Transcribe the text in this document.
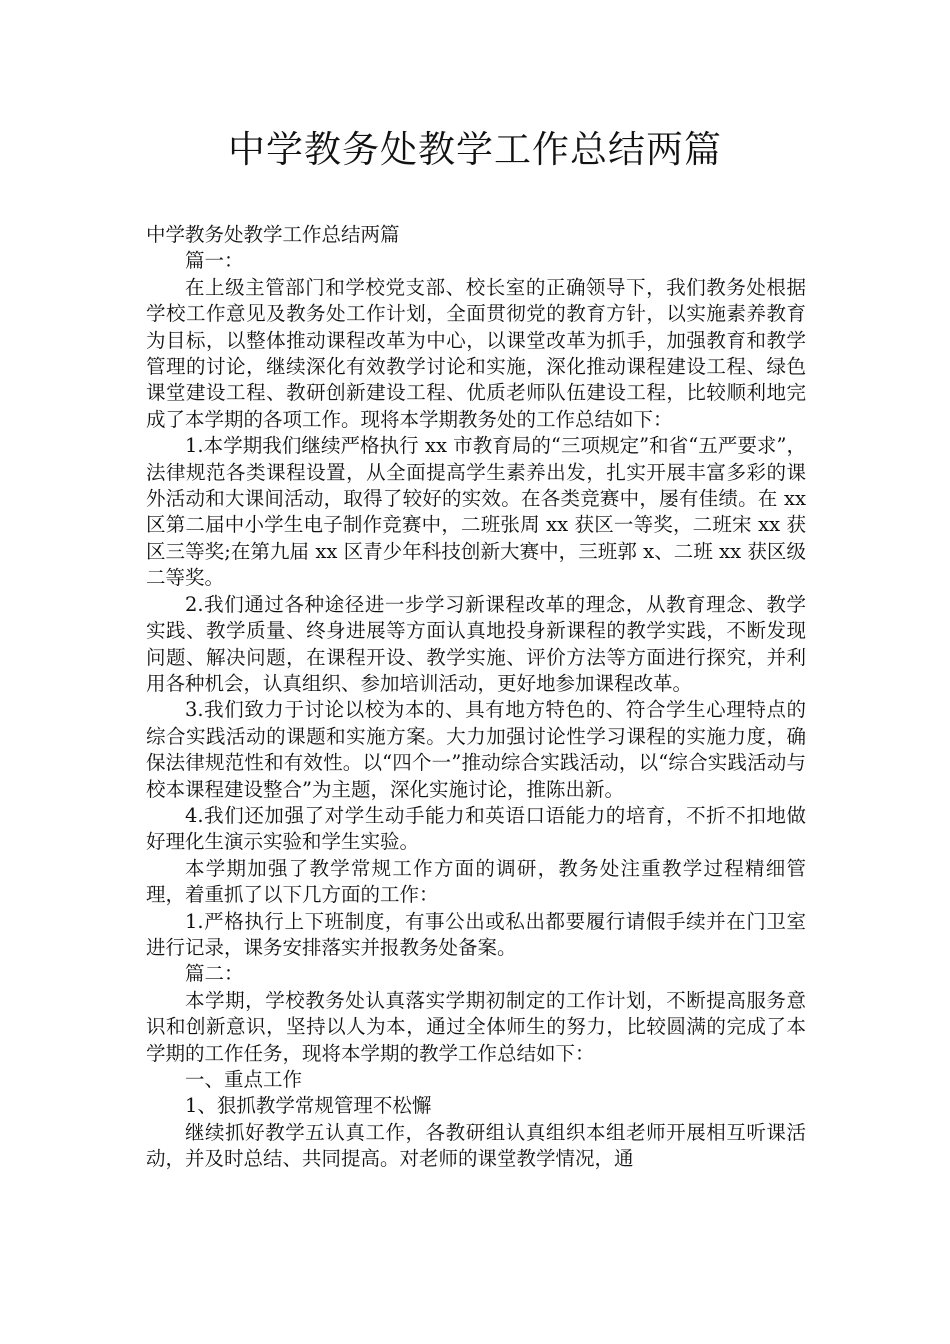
中学教务处教学工作总结两篇

中学教务处教学工作总结两篇

篇一：

在上级主管部门和学校党支部、校长室的正确领导下，我们教务处根据学校工作意见及教务处工作计划，全面贯彻党的教育方针，以实施素养教育为目标，以整体推动课程改革为中心，以课堂改革为抓手，加强教育和教学管理的讨论，继续深化有效教学讨论和实施，深化推动课程建设工程、绿色课堂建设工程、教研创新建设工程、优质老师队伍建设工程，比较顺利地完成了本学期的各项工作。现将本学期教务处的工作总结如下：

1.本学期我们继续严格执行 xx 市教育局的“三项规定”和省“五严要求”，法律规范各类课程设置，从全面提高学生素养出发，扎实开展丰富多彩的课外活动和大课间活动，取得了较好的实效。在各类竞赛中，屡有佳绩。在 xx 区第二届中小学生电子制作竞赛中，二班张周 xx 获区一等奖，二班宋 xx 获区三等奖;在第九届 xx 区青少年科技创新大赛中，三班郭 x、二班 xx 获区级二等奖。

2.我们通过各种途径进一步学习新课程改革的理念，从教育理念、教学实践、教学质量、终身进展等方面认真地投身新课程的教学实践，不断发现问题、解决问题，在课程开设、教学实施、评价方法等方面进行探究，并利用各种机会，认真组织、参加培训活动，更好地参加课程改革。

3.我们致力于讨论以校为本的、具有地方特色的、符合学生心理特点的综合实践活动的课题和实施方案。大力加强讨论性学习课程的实施力度，确保法律规范性和有效性。以“四个一”推动综合实践活动，以“综合实践活动与校本课程建设整合”为主题，深化实施讨论，推陈出新。

4.我们还加强了对学生动手能力和英语口语能力的培育，不折不扣地做好理化生演示实验和学生实验。

本学期加强了教学常规工作方面的调研，教务处注重教学过程精细管理，着重抓了以下几方面的工作：

1.严格执行上下班制度，有事公出或私出都要履行请假手续并在门卫室进行记录，课务安排落实并报教务处备案。

篇二：

本学期，学校教务处认真落实学期初制定的工作计划，不断提高服务意识和创新意识，坚持以人为本，通过全体师生的努力，比较圆满的完成了本学期的工作任务，现将本学期的教学工作总结如下：

一、重点工作

1、狠抓教学常规管理不松懈

继续抓好教学五认真工作，各教研组认真组织本组老师开展相互听课活动，并及时总结、共同提高。对老师的课堂教学情况，通
